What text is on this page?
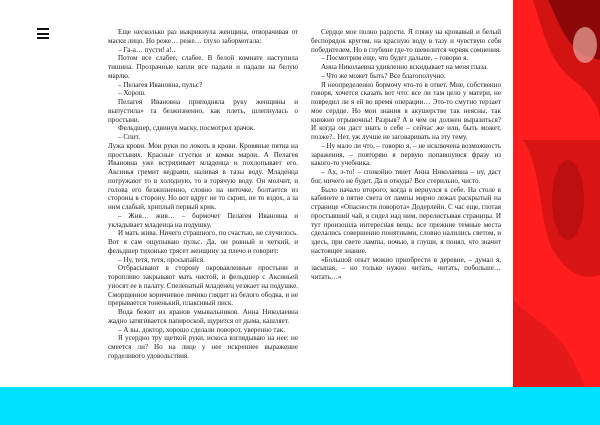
Еще несколько раз выкрикнула женщина, отворачивая от маски лицо. Но реже… реже… глухо забормотала:

– Га-а… пусти! а!..

Потом все слабее, слабее. В белой комнате наступила тишина. Прозрачные капли все падали и падали на белую марлю.

– Пелагея Ивановна, пульс?

– Хорош.

Пелагея Ивановна приподняла руку женщины и выпустила» та безжизненно, как плеть, шлепнулась о простыни.

Фельдшер, сдвинув маску, посмотрел зрачок.

– Спит.

Лужа крови. Мои руки по локоть в крови. Кровяные пятна на простынях. Красные сгустки и комки марли. А Пелагея Ивановна уже встряхивает младенца и похлопывает его. Аксинья гремит ведрами, наливая в тазы воду. Младенца погружают то в холодную, то в горячую воду. Он молчит, и голова его безжизненно, словно на ниточке, болтается из стороны в сторону. Но вот вдруг не то скрип, не то вздох, а за ним слабый, хриплый первый крик.

– Жив… жив… – бормочет Пелагея Ивановна и укладывает младенца на подушку.

И мать жива. Ничего страшного, по счастью, не случилось. Вот я сам ощупываю пульс. Да, он ровный и четкий, и фельдшер тихонько трясет женщину за плечо и говорит:

– Ну, тетя, тетя, просыпайся.

Отбрасывают в сторону окровавленные простыни и торопливо закрывают мать чистой, и фельдшер с Аксиньей уносят ее в палату. Спеленатый младенец уезжает на подушке. Сморщенное коричневое личико глядит из белого ободка, и не прерывается тоненький, плаксивый писк.

Вода бежит из кранов умывальников. Анна Николаевна жадно затягивается папироской, щурится от дыма, кашляет.

– А вы, доктор, хорошо сделали поворот, уверенно так.

Я усердно тру щеткой руки, искоса взглядываю на нее: не смеется ли? Но на лице у нее искреннее выражение горделивого удовольствия.

Сердце мое полно радости. Я гляжу на кровавый и белый беспорядок кругом, на красную воду в тазу и чувствую себя победителем. Но в глубине где-то шевелится червяк сомнения.

– Посмотрим еще, что будет дальше, – говорю я.

Анна Николаевна удивленно вскидывает на меня глаза.

– Что же может быть? Все благополучно.

Я неопределенно бормочу что-то в ответ. Мне, собственно говоря, хочется сказать вот что: все ли там цело у матери, не повредил ли я ей во время операции… Это-то смутно терзает мое сердце. Но мои знания в акушерстве так неясны, так книжно отрывочны! Разрыв? А в чем он должен выразиться? И когда он даст знать о себе – сейчас же или, быть может, позже?.. Нет, уж лучше не заговаривать на эту тему.

– Ну мало ли что, – говорю я, – не исключена возможность заражения, – повторяю я первую попавшуюся фразу из какого-то учебника.

– Ах, э-то! – спокойно тянет Анна Николаевна – ну, даст бог, ничего не будет. Да и откуда? Все стерильно, чисто.

Было начало второго, когда я вернулся к себе. На столе в кабинете в пятне света от лампы мирно лежал раскрытый на странице «Опасности поворота» Додерлейн. С час еще, глотая простывший чай, я сидел над ним, перелистывая страницы. И тут произошла интересная вещь: все прежние темные места сделались совершенно понятными, словно налились светом, и здесь, при свете лампы, ночью, в глуши, я понял, что значит настоящее знание.

«Большой опыт можно приобрести в деревне, – думал я, засыпая, – но только нужно читать, читать, побольше… читать…»
